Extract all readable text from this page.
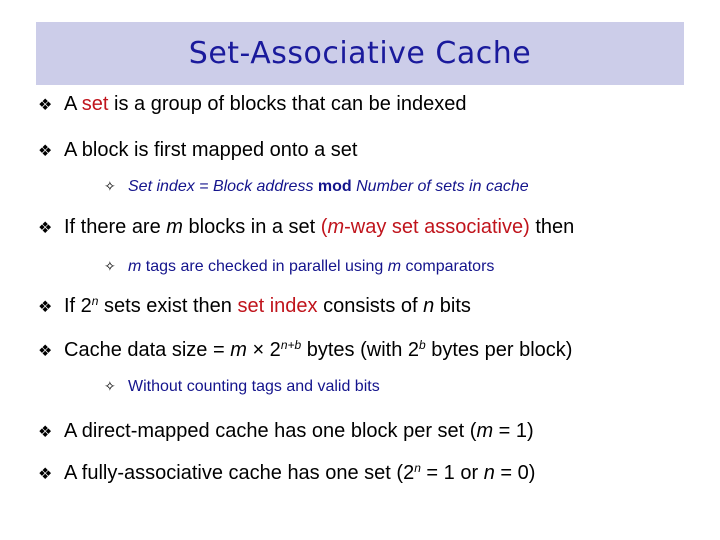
Set-Associative Cache
❖ A set is a group of blocks that can be indexed
❖ A block is first mapped onto a set
✧ Set index = Block address mod Number of sets in cache
❖ If there are m blocks in a set (m-way set associative) then
✧ m tags are checked in parallel using m comparators
❖ If 2$^n$ sets exist then set index consists of n bits
❖ Cache data size = $m \times 2^{n+b}$ bytes (with 2$^b$ bytes per block)
✧ Without counting tags and valid bits
❖ A direct-mapped cache has one block per set (m = 1)
❖ A fully-associative cache has one set ($2^n = 1$ or n = 0)
